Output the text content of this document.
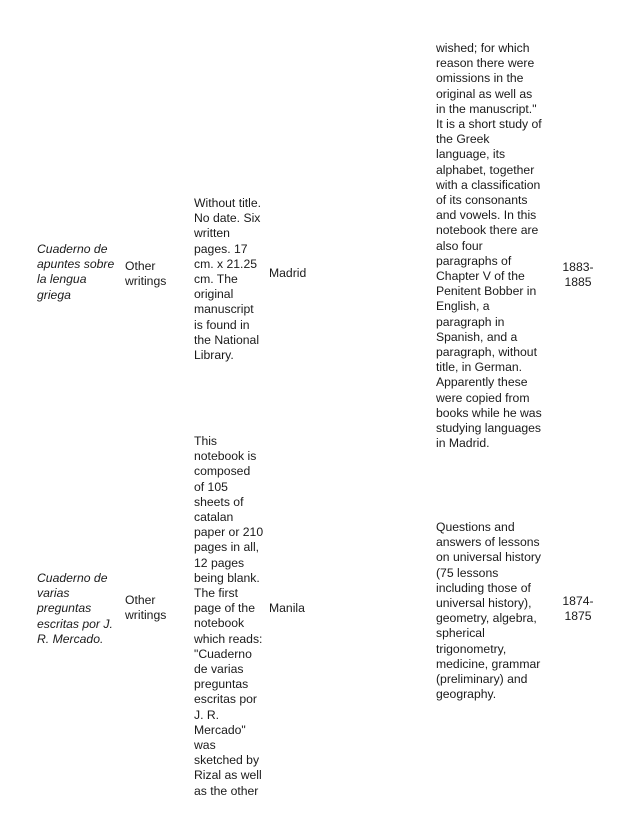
wished; for which
reason there were
omissions in the
original as well as
in the manuscript."

Cuaderno de
apuntes sobre
la lengua
griega

Other
writings

Without title.
No date. Six
written
pages. 17
cm. x 21.25
cm. The
original
manuscript
is found in
the National
Library.

Madrid

It is a short study of
the Greek
language, its
alphabet, together
with a classification
of its consonants
and vowels. In this
notebook there are
also four
paragraphs of
Chapter V of the
Penitent Bobber in
English, a
paragraph in
Spanish, and a
paragraph, without
title, in German.
Apparently these
were copied from
books while he was
studying languages
in Madrid.

1883-
1885

Cuaderno de
varias
preguntas
escritas por J.
R. Mercado.

Other
writings

This
notebook is
composed
of 105
sheets of
catalan
paper or 210
pages in all,
12 pages
being blank.
The first
page of the
notebook
which reads:
"Cuaderno
de varias
preguntas
escritas por
J. R.
Mercado"
was
sketched by
Rizal as well
as the other

Manila

Questions and
answers of lessons
on universal history
(75 lessons
including those of
universal history),
geometry, algebra,
spherical
trigonometry,
medicine, grammar
(preliminary) and
geography.

1874-
1875
